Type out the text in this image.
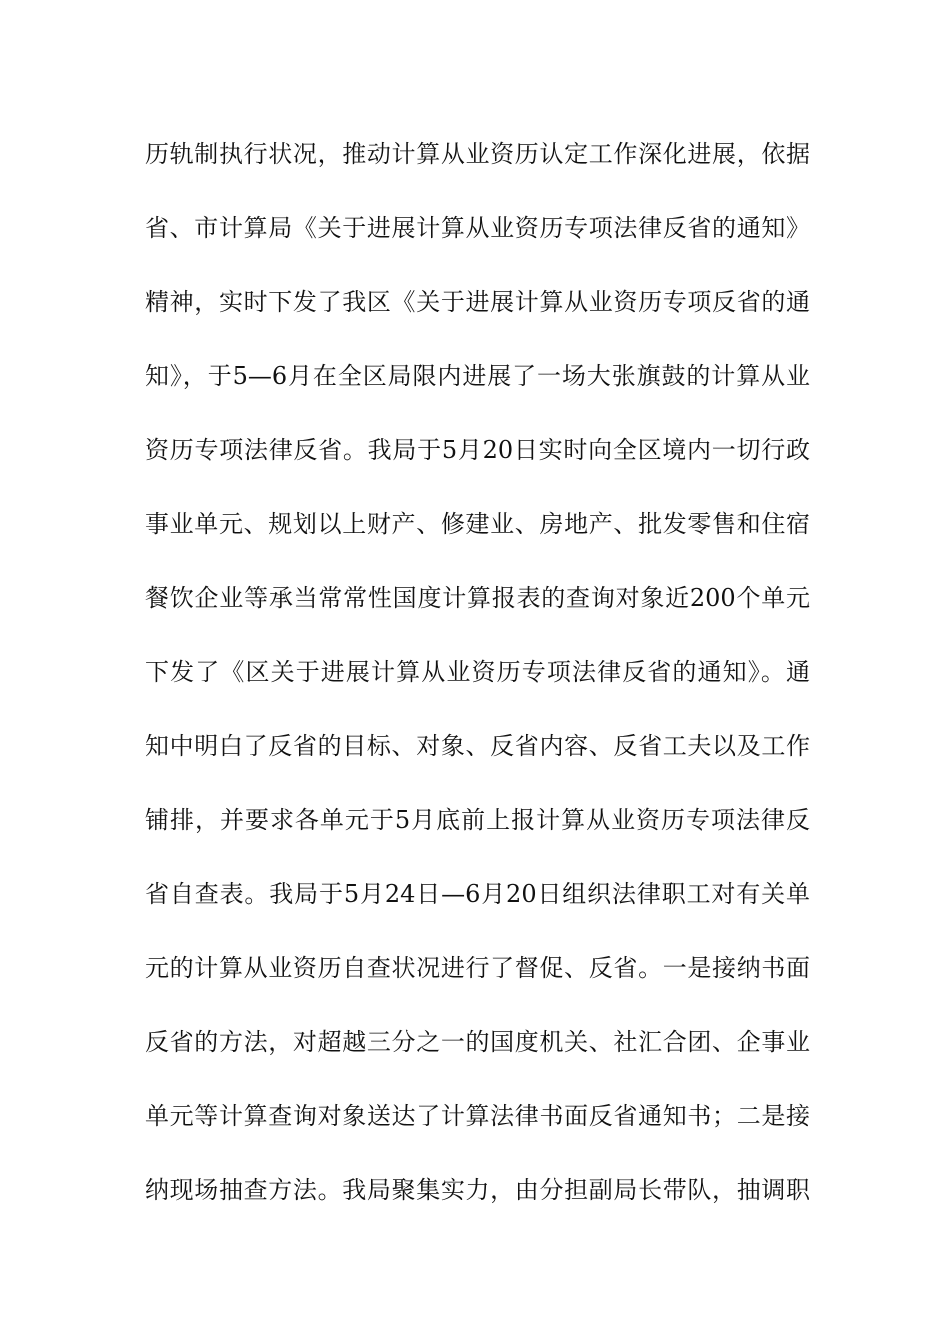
历轨制执行状况，推动计算从业资历认定工作深化进展，依据
省、市计算局《关于进展计算从业资历专项法律反省的通知》
精神，实时下发了我区《关于进展计算从业资历专项反省的通
知》，于5—6月在全区局限内进展了一场大张旗鼓的计算从业
资历专项法律反省。我局于5月20日实时向全区境内一切行政
事业单元、规划以上财产、修建业、房地产、批发零售和住宿
餐饮企业等承当常常性国度计算报表的查询对象近200个单元
下发了《区关于进展计算从业资历专项法律反省的通知》。通
知中明白了反省的目标、对象、反省内容、反省工夫以及工作
铺排，并要求各单元于5月底前上报计算从业资历专项法律反
省自查表。我局于5月24日—6月20日组织法律职工对有关单
元的计算从业资历自查状况进行了督促、反省。一是接纳书面
反省的方法，对超越三分之一的国度机关、社汇合团、企事业
单元等计算查询对象送达了计算法律书面反省通知书；二是接
纳现场抽查方法。我局聚集实力，由分担副局长带队，抽调职
